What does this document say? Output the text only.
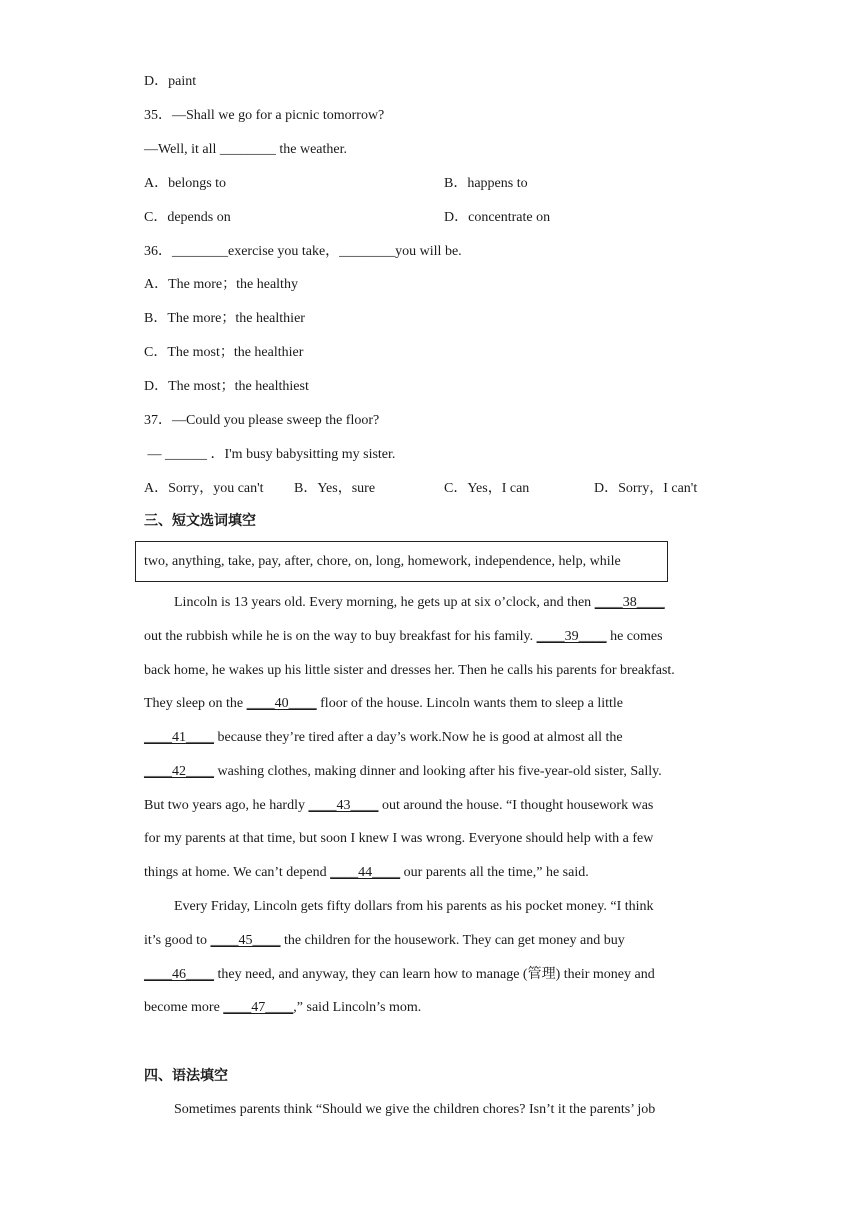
D．paint
35．—Shall we go for a picnic tomorrow?
—Well, it all ________ the weather.
A．belongs to	B．happens to
C．depends on	D．concentrate on
36．________exercise you take，________you will be.
A．The more；the healthy
B．The more；the healthier
C．The most；the healthier
D．The most；the healthiest
37．—Could you please sweep the floor?
— ______ ．I'm busy babysitting my sister.

A．Sorry，you can't

B．Yes，sure

	C．Yes，I can

	D．Sorry，I can't

三、短文选词填空
two, anything, take, pay, after, chore, on, long, homework, independence, help, while
Lincoln is 13 years old. Every morning, he gets up at six o’clock, and then ____38____
out the rubbish while he is on the way to buy breakfast for his family. ____39____ he comes
back home, he wakes up his little sister and dresses her. Then he calls his parents for breakfast.
They sleep on the ____40____ floor of the house. Lincoln wants them to sleep a little
____41____ because they’re tired after a day’s work.Now he is good at almost all the
____42____ washing clothes, making dinner and looking after his five-year-old sister, Sally.
But two years ago, he hardly ____43____ out around the house. “I thought housework was
for my parents at that time, but soon I knew I was wrong. Everyone should help with a few
things at home. We can’t depend ____44____ our parents all the time,” he said.
Every Friday, Lincoln gets fifty dollars from his parents as his pocket money. “I think
it’s good to ____45____ the children for the housework. They can get money and buy
____46____ they need, and anyway, they can learn how to manage (管理) their money and
become more ____47____,” said Lincoln’s mom.
四、语法填空
Sometimes parents think “Should we give the children chores? Isn’t it the parents’ job
